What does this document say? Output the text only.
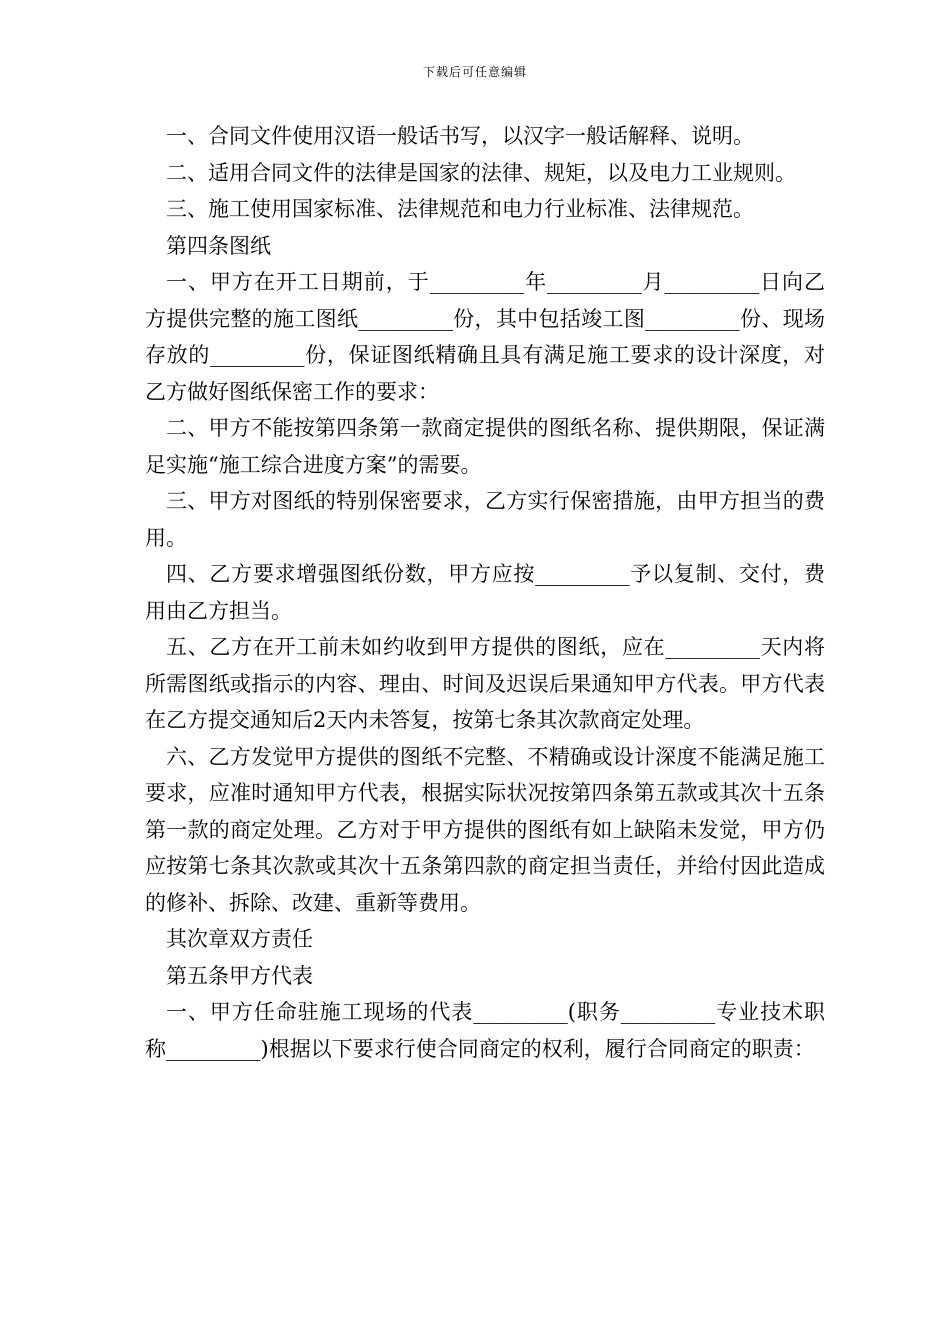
下载后可任意编辑

一、合同文件使用汉语一般话书写，以汉字一般话解释、说明。

二、适用合同文件的法律是国家的法律、规矩，以及电力工业规则。

三、施工使用国家标准、法律规范和电力行业标准、法律规范。

第四条图纸

一、甲方在开工日期前，于_________年_________月_________日向乙方提供完整的施工图纸_________份，其中包括竣工图_________份、现场存放的_________份，保证图纸精确且具有满足施工要求的设计深度，对乙方做好图纸保密工作的要求：

二、甲方不能按第四条第一款商定提供的图纸名称、提供期限，保证满足实施“施工综合进度方案”的需要。

三、甲方对图纸的特别保密要求，乙方实行保密措施，由甲方担当的费用。

四、乙方要求增强图纸份数，甲方应按_________予以复制、交付，费用由乙方担当。

五、乙方在开工前未如约收到甲方提供的图纸，应在_________天内将所需图纸或指示的内容、理由、时间及迟误后果通知甲方代表。甲方代表在乙方提交通知后2天内未答复，按第七条其次款商定处理。

六、乙方发觉甲方提供的图纸不完整、不精确或设计深度不能满足施工要求，应准时通知甲方代表，根据实际状况按第四条第五款或其次十五条第一款的商定处理。乙方对于甲方提供的图纸有如上缺陷未发觉，甲方仍应按第七条其次款或其次十五条第四款的商定担当责任，并给付因此造成的修补、拆除、改建、重新等费用。

其次章双方责任

第五条甲方代表

一、甲方任命驻施工现场的代表_________(职务_________专业技术职称_________)根据以下要求行使合同商定的权利，履行合同商定的职责：
